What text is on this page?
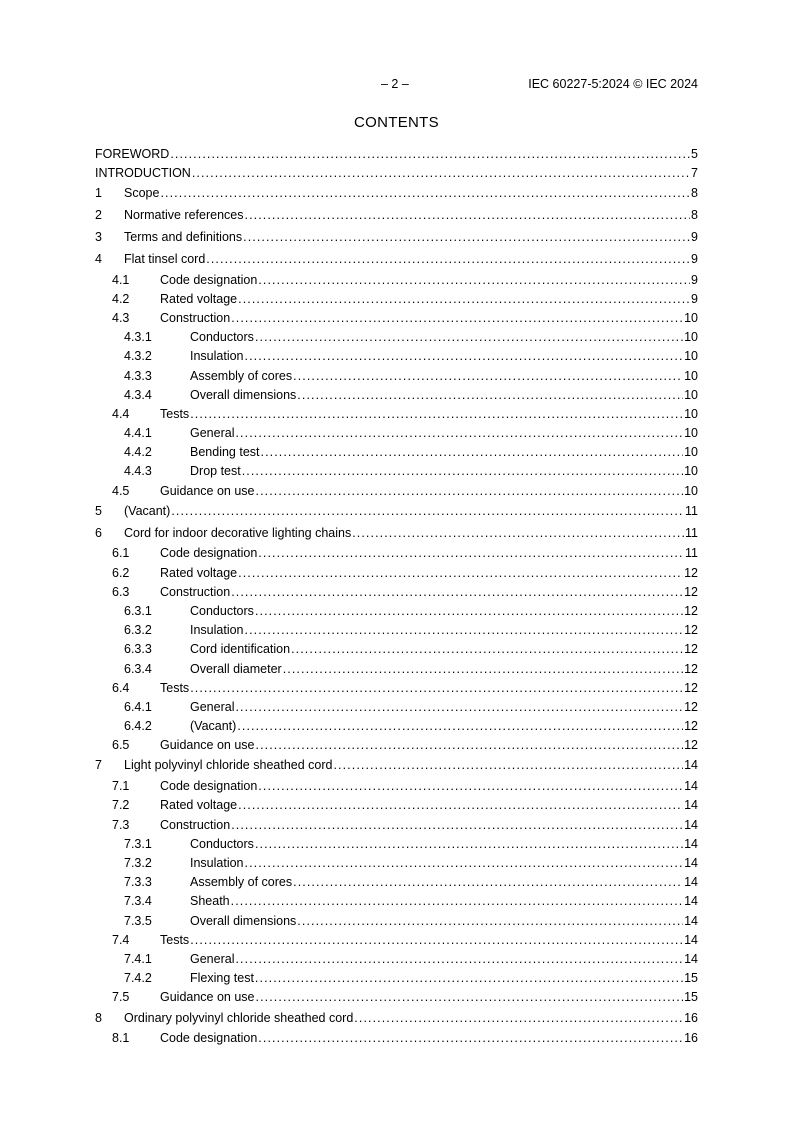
– 2 –	IEC 60227-5:2024 © IEC 2024
CONTENTS
FOREWORD .....	5
INTRODUCTION .....	7
1 Scope .....	8
2 Normative references .....	8
3 Terms and definitions .....	9
4 Flat tinsel cord .....	9
4.1 Code designation .....	9
4.2 Rated voltage .....	9
4.3 Construction .....	10
4.3.1	Conductors .....	10
4.3.2	Insulation .....	10
4.3.3	Assembly of cores .....	10
4.3.4	Overall dimensions .....	10
4.4 Tests .....	10
4.4.1	General .....	10
4.4.2	Bending test .....	10
4.4.3	Drop test .....	10
4.5 Guidance on use .....	10
5 (Vacant) .....	11
6 Cord for indoor decorative lighting chains .....	11
6.1 Code designation .....	11
6.2 Rated voltage .....	12
6.3 Construction .....	12
6.3.1	Conductors .....	12
6.3.2	Insulation .....	12
6.3.3	Cord identification .....	12
6.3.4	Overall diameter .....	12
6.4 Tests .....	12
6.4.1	General .....	12
6.4.2	(Vacant) .....	12
6.5 Guidance on use .....	12
7 Light polyvinyl chloride sheathed cord .....	14
7.1 Code designation .....	14
7.2 Rated voltage .....	14
7.3 Construction .....	14
7.3.1	Conductors .....	14
7.3.2	Insulation .....	14
7.3.3	Assembly of cores .....	14
7.3.4	Sheath .....	14
7.3.5	Overall dimensions .....	14
7.4 Tests .....	14
7.4.1	General .....	14
7.4.2	Flexing test .....	15
7.5 Guidance on use .....	15
8 Ordinary polyvinyl chloride sheathed cord .....	16
8.1 Code designation .....	16
